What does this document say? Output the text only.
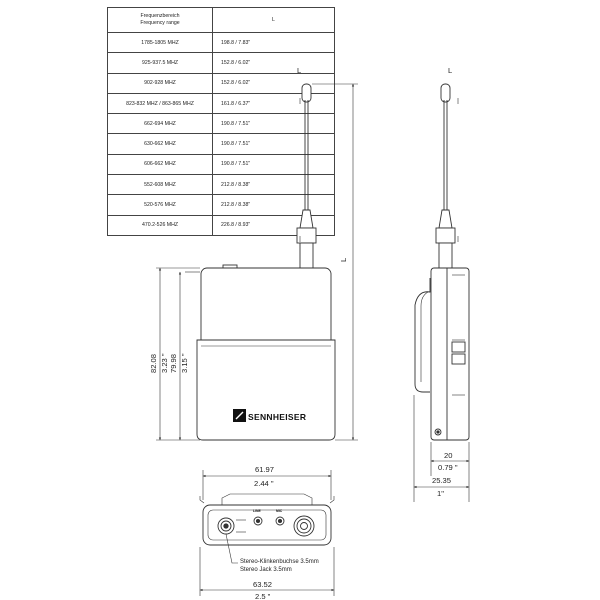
Frequenzbereich
Frequency range	L
1785-1805 MHZ	198.8 / 7.83"
925-937.5 MHZ	152.8 / 6.02"
902-928 MHZ	152.8 / 6.02"
823-832 MHZ / 863-865 MHZ	161.8 / 6.37"
662-694 MHZ	190.8 / 7.51"
630-662 MHZ	190.8 / 7.51"
606-662 MHZ	190.8 / 7.51"
552-608 MHZ	212.8 / 8.38"
520-576 MHZ	212.8 / 8.38"
470.2-526 MHZ	226.8 / 8.93"
SENNHEISER
82.08 3.23 " 79.98 3.15 "
L
L
L
20
0.79 "
25.35
1"
LINE	MIC
Stereo-Klinkenbuchse 3.5mm
Stereo Jack 3.5mm
61.97
2.44 "
63.52
2.5 "
